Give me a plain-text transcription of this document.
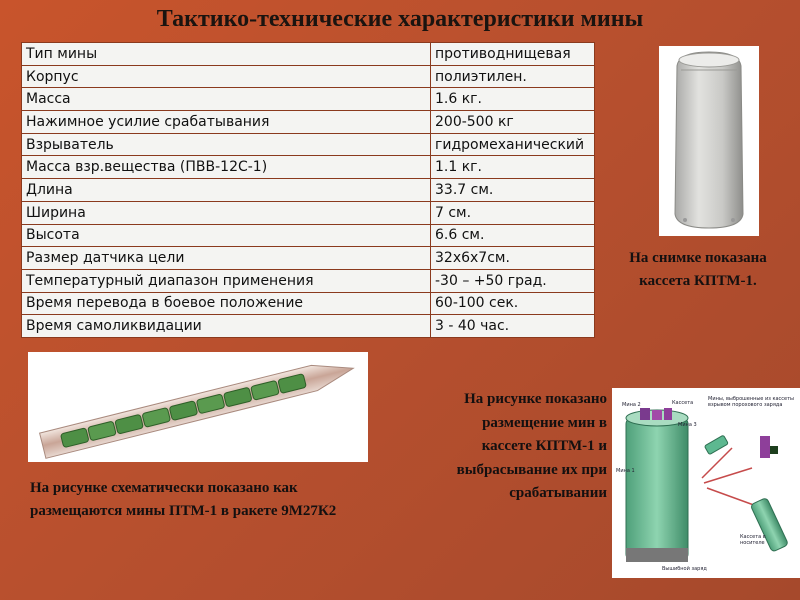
Тактико-технические характеристики мины
Тип мины	противоднищевая
Корпус	полиэтилен.
Масса	1.6 кг.
Нажимное усилие срабатывания	200-500 кг
Взрыватель	гидромеханический
Масса взр.вещества (ПВВ-12С-1)	1.1 кг.
Длина	33.7 см.
Ширина	7 см.
Высота	6.6 см.
Размер датчика цели	32х6х7см.
Температурный диапазон применения	-30 – +50 град.
Время перевода в боевое положение	60-100 сек.
Время самоликвидации	3 - 40 час.
На снимке показана кассета КПТМ-1.
На рисунке схематически показано как размещаются мины ПТМ-1 в ракете 9М27К2
На рисунке показано размещение мин в кассете КПТМ-1 и выбрасывание их при срабатывании
Мина 2	Кассета
Мина 3
Мина 1
Мины, выброшенные из кассеты взрывом порохового заряда
Кассета в носителе
Вышибной заряд
